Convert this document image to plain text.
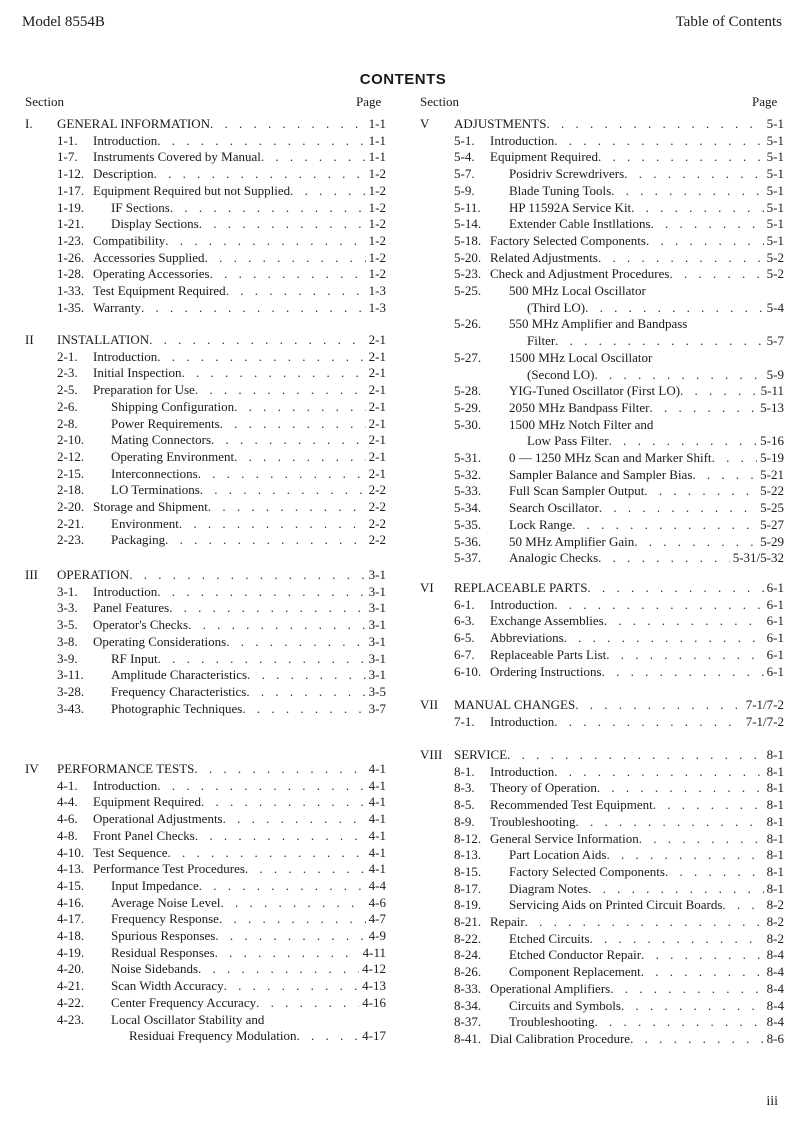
Model 8554B	Table of Contents
CONTENTS
Section	Page	Section	Page
I. GENERAL INFORMATION . . .	1-1
1-1.	Introduction . . .	1-1
1-7.	Instruments Covered by Manual . . .	1-1
1-12. Description . . .	1-2
1-17. Equipment Required but not Supplied . . .	1-2
1-19.	IF Sections . . .	1-2
1-21.	Display Sections . . .	1-2
1-23. Compatibility . . .	1-2
1-26. Accessories Supplied . . .	1-2
1-28. Operating Accessories . . .	1-2
1-33. Test Equipment Required . . .	1-3
1-35. Warranty . . .	1-3
II INSTALLATION . . .	2-1
2-1.	Introduction . . .	2-1
2-3.	Initial Inspection . . .	2-1
2-5.	Preparation for Use . . .	2-1
2-6.	Shipping Configuration . . .	2-1
2-8.	Power Requirements . . .	2-1
2-10.	Mating Connectors . . .	2-1
2-12.	Operating Environment . . .	2-1
2-15.	Interconnections . . .	2-1
2-18.	LO Terminations . . .	2-2
2-20. Storage and Shipment . . .	2-2
2-21.	Environment . . .	2-2
2-23.	Packaging . . .	2-2
III OPERATION . . .	3-1
3-1.	Introduction . . .	3-1
3-3.	Panel Features . . .	3-1
3-5.	Operator's Checks . . .	3-1
3-8.	Operating Considerations . . .	3-1
3-9.	RF Input . . .	3-1
3-11.	Amplitude Characteristics . . .	3-1
3-28.	Frequency Characteristics . . .	3-5
3-43.	Photographic Techniques . . .	3-7
IV PERFORMANCE TESTS . . .	4-1
4-1.	Introduction . . .	4-1
4-4.	Equipment Required . . .	4-1
4-6.	Operational Adjustments . . .	4-1
4-8.	Front Panel Checks . . .	4-1
4-10. Test Sequence . . .	4-1
4-13. Performance Test Procedures . . .	4-1
4-15.	Input Impedance . . .	4-4
4-16.	Average Noise Level . . .	4-6
4-17.	Frequency Response . . .	4-7
4-18.	Spurious Responses . . .	4-9
4-19.	Residual Responses . . .	4-11
4-20.	Noise Sidebands . . .	4-12
4-21.	Scan Width Accuracy . . .	4-13
4-22.	Center Frequency Accuracy . . .	4-16
4-23. Local Oscillator Stability and
Residuai Frequency Modulation . . .	4-17
V ADJUSTMENTS . . .	5-1
5-1.	Introduction . . .	5-1
5-4.	Equipment Required . . .	5-1
5-7.	Posidriv Screwdrivers . . .	5-1
5-9.	Blade Tuning Tools . . .	5-1
5-11.	HP 11592A Service Kit . . .	5-1
5-14.	Extender Cable Instllations . . .	5-1
5-18. Factory Selected Components . . .	5-1
5-20. Related Adjustments . . .	5-2
5-23. Check and Adjustment Procedures . . .	5-2
5-25. 500 MHz Local Oscillator
(Third LO) . . .	5-4
5-26. 550 MHz Amplifier and Bandpass
Filter . . .	5-7
5-27. 1500 MHz Local Oscillator
(Second LO) . . .	5-9
5-28.	YIG-Tuned Oscillator (First LO) . . .	5-11
5-29.	2050 MHz Bandpass Filter . . .	5-13
5-30. 1500 MHz Notch Filter and
Low Pass Filter . . .	5-16
5-31.	0 — 1250 MHz Scan and Marker Shift . . .	5-19
5-32.	Sampler Balance and Sampler Bias . . .	5-21
5-33.	Full Scan Sampler Output . . .	5-22
5-34.	Search Oscillator . . .	5-25
5-35.	Lock Range . . .	5-27
5-36.	50 MHz Amplifier Gain . . .	5-29
5-37.	Analogic Checks . . .	5-31/5-32
VI REPLACEABLE PARTS . . .	6-1
6-1.	Introduction . . .	6-1
6-3.	Exchange Assemblies . . .	6-1
6-5.	Abbreviations . . .	6-1
6-7.	Replaceable Parts List . . .	6-1
6-10. Ordering Instructions . . .	6-1
VII MANUAL CHANGES . . .	7-1/7-2
7-1.	Introduction . . .	7-1/7-2
VIII SERVICE . . .	8-1
8-1.	Introduction . . .	8-1
8-3.	Theory of Operation . . .	8-1
8-5.	Recommended Test Equipment . . .	8-1
8-9.	Troubleshooting . . .	8-1
8-12. General Service Information . . .	8-1
8-13.	Part Location Aids . . .	8-1
8-15.	Factory Selected Components . . .	8-1
8-17.	Diagram Notes . . .	8-1
8-19.	Servicing Aids on Printed Circuit Boards . . .	8-2
8-21. Repair . . .	8-2
8-22.	Etched Circuits . . .	8-2
8-24.	Etched Conductor Repair . . .	8-4
8-26.	Component Replacement . . .	8-4
8-33. Operational Amplifiers . . .	8-4
8-34.	Circuits and Symbols . . .	8-4
8-37.	Troubleshooting . . .	8-4
8-41. Dial Calibration Procedure . . .	8-6
iii
